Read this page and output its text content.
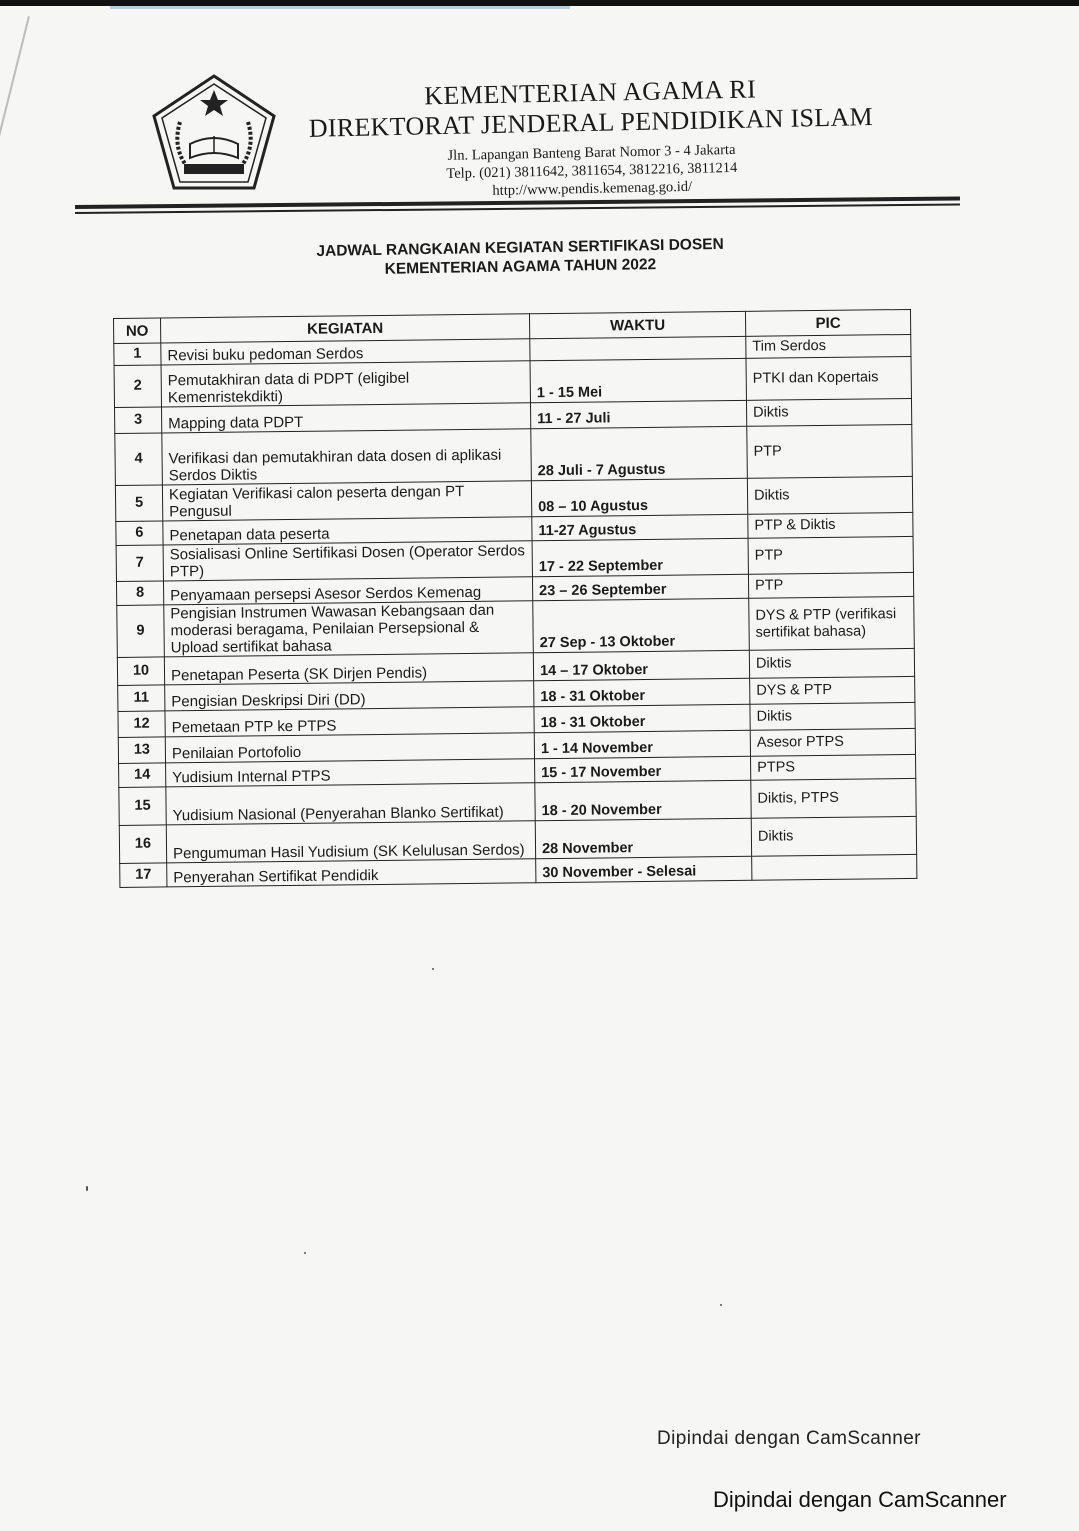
KEMENTERIAN AGAMA RI
DIREKTORAT JENDERAL PENDIDIKAN ISLAM
Jln. Lapangan Banteng Barat Nomor 3 - 4 Jakarta
Telp. (021) 3811642, 3811654, 3812216, 3811214
http://www.pendis.kemenag.go.id/
JADWAL RANGKAIAN KEGIATAN SERTIFIKASI DOSEN
KEMENTERIAN AGAMA TAHUN 2022
NO	KEGIATAN	WAKTU	PIC
1	Revisi buku pedoman Serdos		Tim Serdos
2	Pemutakhiran data di PDPT (eligibel Kemenristekdikti)	1 - 15 Mei	PTKI dan Kopertais
3	Mapping data PDPT	11 - 27 Juli	Diktis
4	Verifikasi dan pemutakhiran data dosen di aplikasi Serdos Diktis	28 Juli - 7 Agustus	PTP
5	Kegiatan Verifikasi calon peserta dengan PT Pengusul	08 – 10 Agustus	Diktis
6	Penetapan data peserta	11-27 Agustus	PTP & Diktis
7	Sosialisasi Online Sertifikasi Dosen (Operator Serdos PTP)	17 - 22 September	PTP
8	Penyamaan persepsi Asesor Serdos Kemenag	23 – 26 September	PTP
9	Pengisian Instrumen Wawasan Kebangsaan dan moderasi beragama, Penilaian Persepsional & Upload sertifikat bahasa	27 Sep - 13 Oktober	DYS & PTP (verifikasi sertifikat bahasa)
10	Penetapan Peserta (SK Dirjen Pendis)	14 – 17 Oktober	Diktis
11	Pengisian Deskripsi Diri (DD)	18 - 31 Oktober	DYS & PTP
12	Pemetaan PTP ke PTPS	18 - 31 Oktober	Diktis
13	Penilaian Portofolio	1 - 14 November	Asesor PTPS
14	Yudisium Internal PTPS	15 - 17 November	PTPS
15	Yudisium Nasional (Penyerahan Blanko Sertifikat)	18 - 20 November	Diktis, PTPS
16	Pengumuman Hasil Yudisium (SK Kelulusan Serdos)	28 November	Diktis
17	Penyerahan Sertifikat Pendidik	30 November - Selesai	
Dipindai dengan CamScanner
Dipindai dengan CamScanner
